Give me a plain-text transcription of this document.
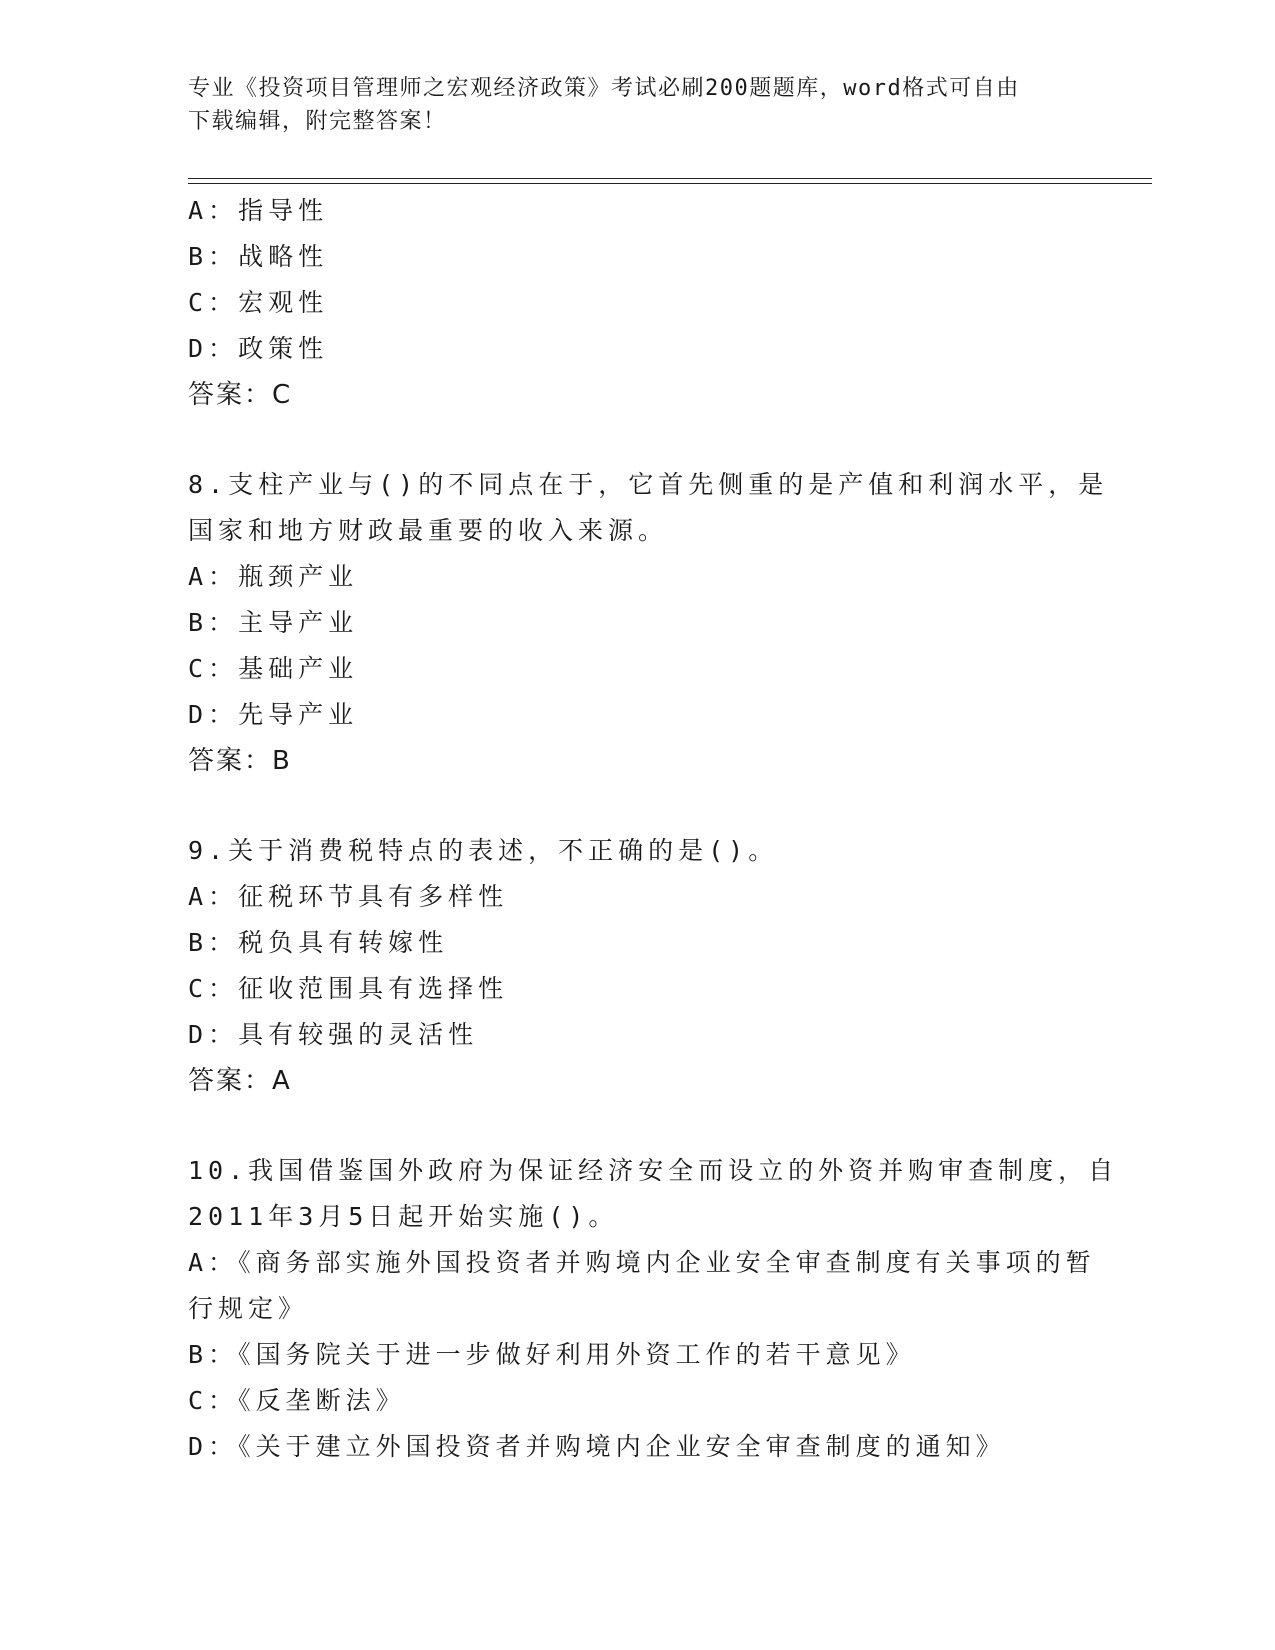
专业《投资项目管理师之宏观经济政策》考试必刷200题题库，word格式可自由
下载编辑，附完整答案！
A：指导性
B：战略性
C：宏观性
D：政策性
答案：C
8.支柱产业与()的不同点在于，它首先侧重的是产值和利润水平，是
国家和地方财政最重要的收入来源。
A：瓶颈产业
B：主导产业
C：基础产业
D：先导产业
答案：B
9.关于消费税特点的表述，不正确的是()。
A：征税环节具有多样性
B：税负具有转嫁性
C：征收范围具有选择性
D：具有较强的灵活性
答案：A
10.我国借鉴国外政府为保证经济安全而设立的外资并购审查制度，自
2011年3月5日起开始实施()。
A：《商务部实施外国投资者并购境内企业安全审查制度有关事项的暂
行规定》
B：《国务院关于进一步做好利用外资工作的若干意见》
C：《反垄断法》
D：《关于建立外国投资者并购境内企业安全审查制度的通知》
